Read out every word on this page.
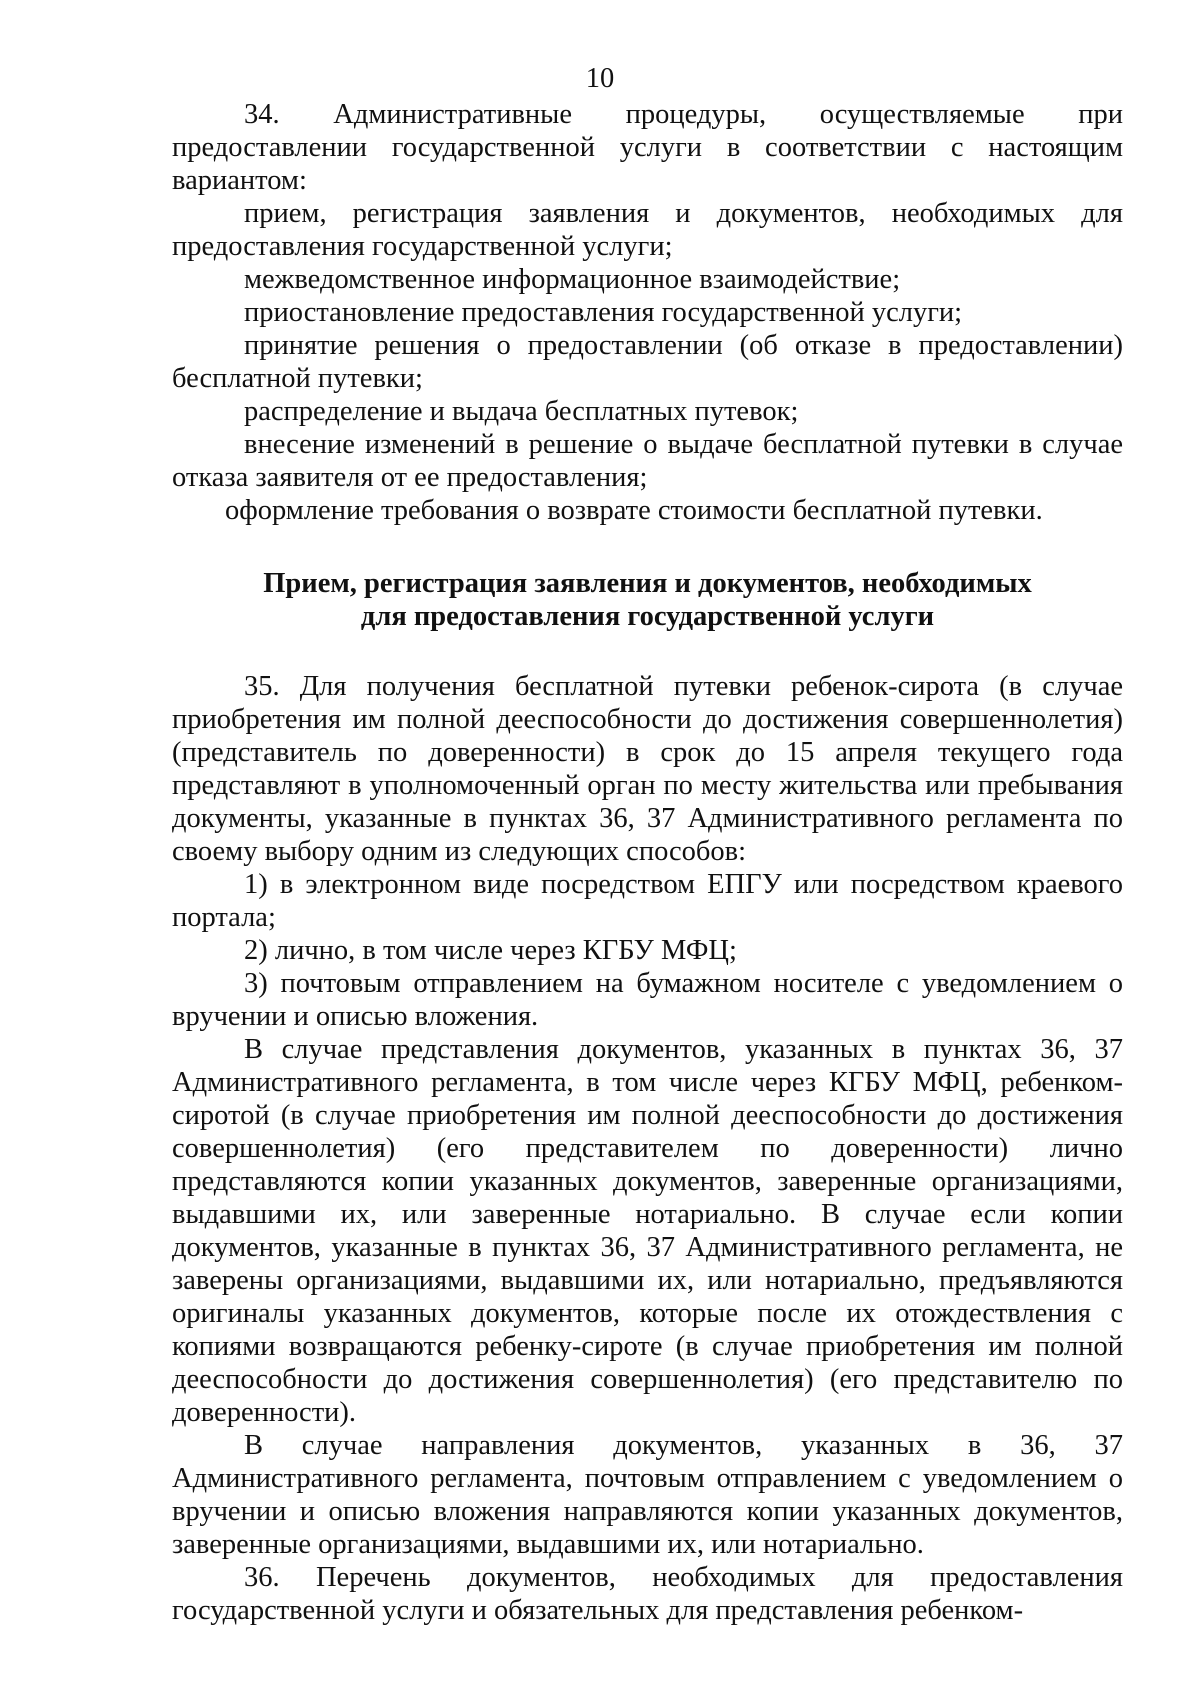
10

34. Административные процедуры, осуществляемые при предоставлении государственной услуги в соответствии с настоящим вариантом:

прием, регистрация заявления и документов, необходимых для предоставления государственной услуги;

межведомственное информационное взаимодействие;

приостановление предоставления государственной услуги;

принятие решения о предоставлении (об отказе в предоставлении) бесплатной путевки;

распределение и выдача бесплатных путевок;

внесение изменений в решение о выдаче бесплатной путевки в случае отказа заявителя от ее предоставления;

оформление требования о возврате стоимости бесплатной путевки.

Прием, регистрация заявления и документов, необходимых
для предоставления государственной услуги

35. Для получения бесплатной путевки ребенок-сирота (в случае приобретения им полной дееспособности до достижения совершеннолетия) (представитель по доверенности) в срок до 15 апреля текущего года представляют в уполномоченный орган по месту жительства или пребывания документы, указанные в пунктах 36, 37 Административного регламента по своему выбору одним из следующих способов:

1) в электронном виде посредством ЕПГУ или посредством краевого портала;

2) лично, в том числе через КГБУ МФЦ;

3) почтовым отправлением на бумажном носителе с уведомлением о вручении и описью вложения.

В случае представления документов, указанных в пунктах 36, 37 Административного регламента, в том числе через КГБУ МФЦ, ребенком-сиротой (в случае приобретения им полной дееспособности до достижения совершеннолетия) (его представителем по доверенности) лично представляются копии указанных документов, заверенные организациями, выдавшими их, или заверенные нотариально. В случае если копии документов, указанные в пунктах 36, 37 Административного регламента, не заверены организациями, выдавшими их, или нотариально, предъявляются оригиналы указанных документов, которые после их отождествления с копиями возвращаются ребенку-сироте (в случае приобретения им полной дееспособности до достижения совершеннолетия) (его представителю по доверенности).

В случае направления документов, указанных в 36, 37 Административного регламента, почтовым отправлением с уведомлением о вручении и описью вложения направляются копии указанных документов, заверенные организациями, выдавшими их, или нотариально.

36. Перечень документов, необходимых для предоставления государственной услуги и обязательных для представления ребенком-
